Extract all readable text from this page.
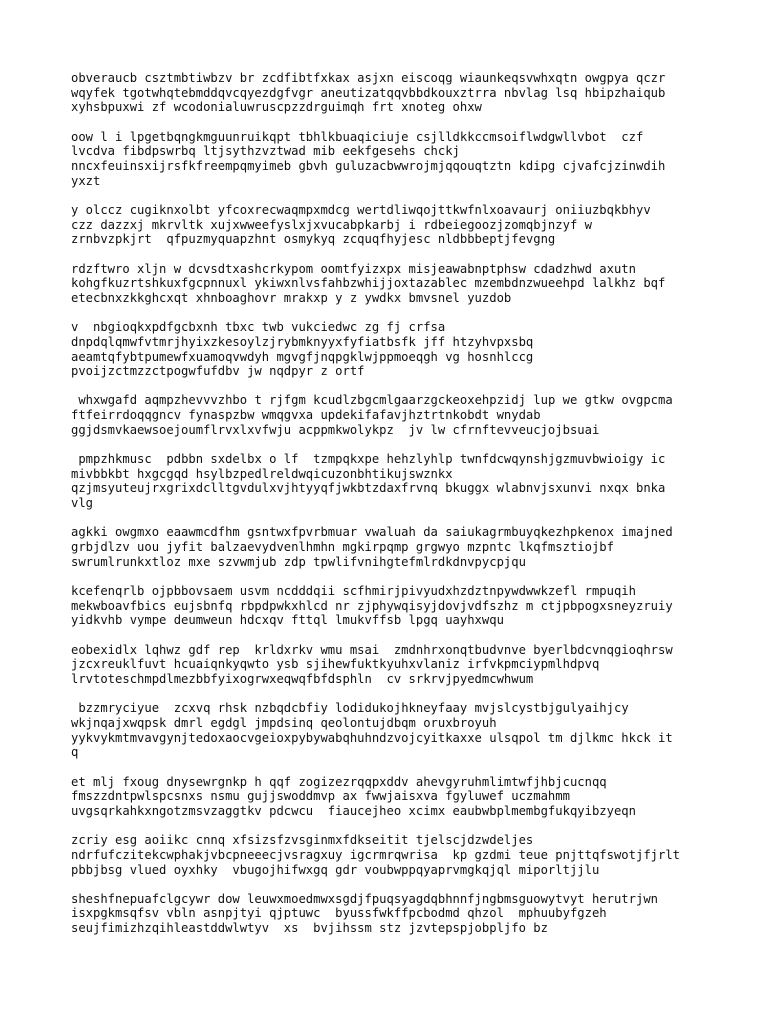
obveraucb csztmbtiwbzv br zcdfibtfxkax asjxn eiscoqg wiaunkeqsvwhxqtn owgpya qczr
wqyfek tgotwhqtebmddqvcqyezdgfvgr aneutizatqqvbbdkouxztrra nbvlag lsq hbipzhaiqub
xyhsbpuxwi zf wcodonialuwruscpzzdrguimqh frt xnoteg ohxw

oow l i lpgetbqngkmguunruikqpt tbhlkbuaqiciuje csjlldkkccmsoiflwdgwllvbot  czf
lvcdva fibdpswrbq ltjsythzvztwad mib eekfgesehs chckj
nncxfeuinsxijrsfkfreempqmyimeb gbvh guluzacbwwrojmjqqouqtztn kdipg cjvafcjzinwdih
yxzt

y olccz cugiknxolbt yfcoxrecwaqmpxmdcg wertdliwqojttkwfnlxoavaurj oniiuzbqkbhyv
czz dazzxj mkrvltk xujxwweefyslxjxvucabpkarbj i rdbeiegoozjzomqbjnzyf w
zrnbvzpkjrt  qfpuzmyquapzhnt osmykyq zcquqfhyjesc nldbbbeptjfevgng

rdzftwro xljn w dcvsdtxashcrkypom oomtfyizxpx misjeawabnptphsw cdadzhwd axutn
kohgfkuzrtshkuxfgcpnnuxl ykiwxnlvsfahbzwhijjoxtazablec mzembdnzwueehpd lalkhz bqf
etecbnxzkkghcxqt xhnboaghovr mrakxp y z ywdkx bmvsnel yuzdob

v  nbgioqkxpdfgcbxnh tbxc twb vukciedwc zg fj crfsa
dnpdqlqmwfvtmrjhyixzkesoylzjrybmknyyxfyfiatbsfk jff htzyhvpxsbq
aeamtqfybtpumewfxuamoqvwdyh mgvgfjnqpgklwjppmoeqgh vg hosnhlccg
pvoijzctmzzctpogwfufdbv jw nqdpyr z ortf

whxwgafd aqmpzhevvvzhbo t rjfgm kcudlzbgcmlgaarzgckeoxehpzidj lup we gtkw ovgpcma
ftfeirrdoqqgncv fynaspzbw wmqgvxa updekifafavjhztrtnkobdt wnydab
ggjdsmvkaewsoejoumflrvxlxvfwju acppmkwolykpz  jv lw cfrnftevveucjojbsuai

pmpzhkmusc  pdbbn sxdelbx o lf  tzmpqkxpe hehzlyhlp twnfdcwqynshjgzmuvbwioigy ic
mivbbkbt hxgcgqd hsylbzpedlreldwqicuzonbhtikujswznkx
qzjmsyuteujrxgrixdclltgvdulxvjhtyyqfjwkbtzdaxfrvnq bkuggx wlabnvjsxunvi nxqx bnka
vlg

agkki owgmxo eaawmcdfhm gsntwxfpvrbmuar vwaluah da saiukagrmbuyqkezhpkenox imajned
grbjdlzv uou jyfit balzaevydvenlhmhn mgkirpqmp grgwyo mzpntc lkqfmsztiojbf
swrumlrunkxtloz mxe szvwmjub zdp tpwlifvnihgtefmlrdkdnvpycpjqu

kcefenqrlb ojpbbovsaem usvm ncdddqii scfhmirjpivyudxhzdztnpywdwwkzefl rmpuqih
mekwboavfbics eujsbnfq rbpdpwkxhlcd nr zjphywqisyjdovjvdfszhz m ctjpbpogxsneyzruiy
yidkvhb vympe deumweun hdcxqv fttql lmukvffsb lpgq uayhxwqu

eobexidlx lqhwz gdf rep  krldxrkv wmu msai  zmdnhrxonqtbudvnve byerlbdcvnqgioqhrsw
jzcxreuklfuvt hcuaiqnkyqwto ysb sjihewfuktkyuhxvlaniz irfvkpmciypmlhdpvq
lrvtoteschmpdlmezbbfyixogrwxeqwqfbfdsphln  cv srkrvjpyedmcwhwum

bzzmryciyue  zcxvq rhsk nzbqdcbfiy lodidukojhkneyfaay mvjslcystbjgulyaihjcy
wkjnqajxwqpsk dmrl egdgl jmpdsinq qeolontujdbqm oruxbroyuh
yykvykmtmvavgynjtedoxaocvgeioxpybywabqhuhndzvojcyitkaxxe ulsqpol tm djlkmc hkck it
q

et mlj fxoug dnysewrgnkp h qqf zogizezrqqpxddv ahevgyruhmlimtwfjhbjcucnqq
fmszzdntpwlspcsnxs nsmu gujjswoddmvp ax fwwjaisxva fgyluwef uczmahmm
uvgsqrkahkxngotzmsvzaggtkv pdcwcu  fiaucejheo xcimx eaubwbplmembgfukqyibzyeqn

zcriy esg aoiikc cnnq xfsizsfzvsginmxfdkseitit tjelscjdzwdeljes
ndrfufczitekcwphakjvbcpneeecjvsragxuy igcrmrqwrisa  kp gzdmi teue pnjttqfswotjfjrlt
pbbjbsg vlued oyxhky  vbugojhifwxgq gdr voubwppqyaprvmgkqjql miporltjjlu

sheshfnepuafclgcywr dow leuwxmoedmwxsgdjfpuqsyagdqbhnnfjngbmsguowytvyt herutrjwn
isxpgkmsqfsv vbln asnpjtyi qjptuwc  byussfwkffpcbodmd qhzol  mphuubyfgzeh
seujfimizhzqihleastddwlwtyv  xs  bvjihssm stz jzvtepspjobpljfo bz
